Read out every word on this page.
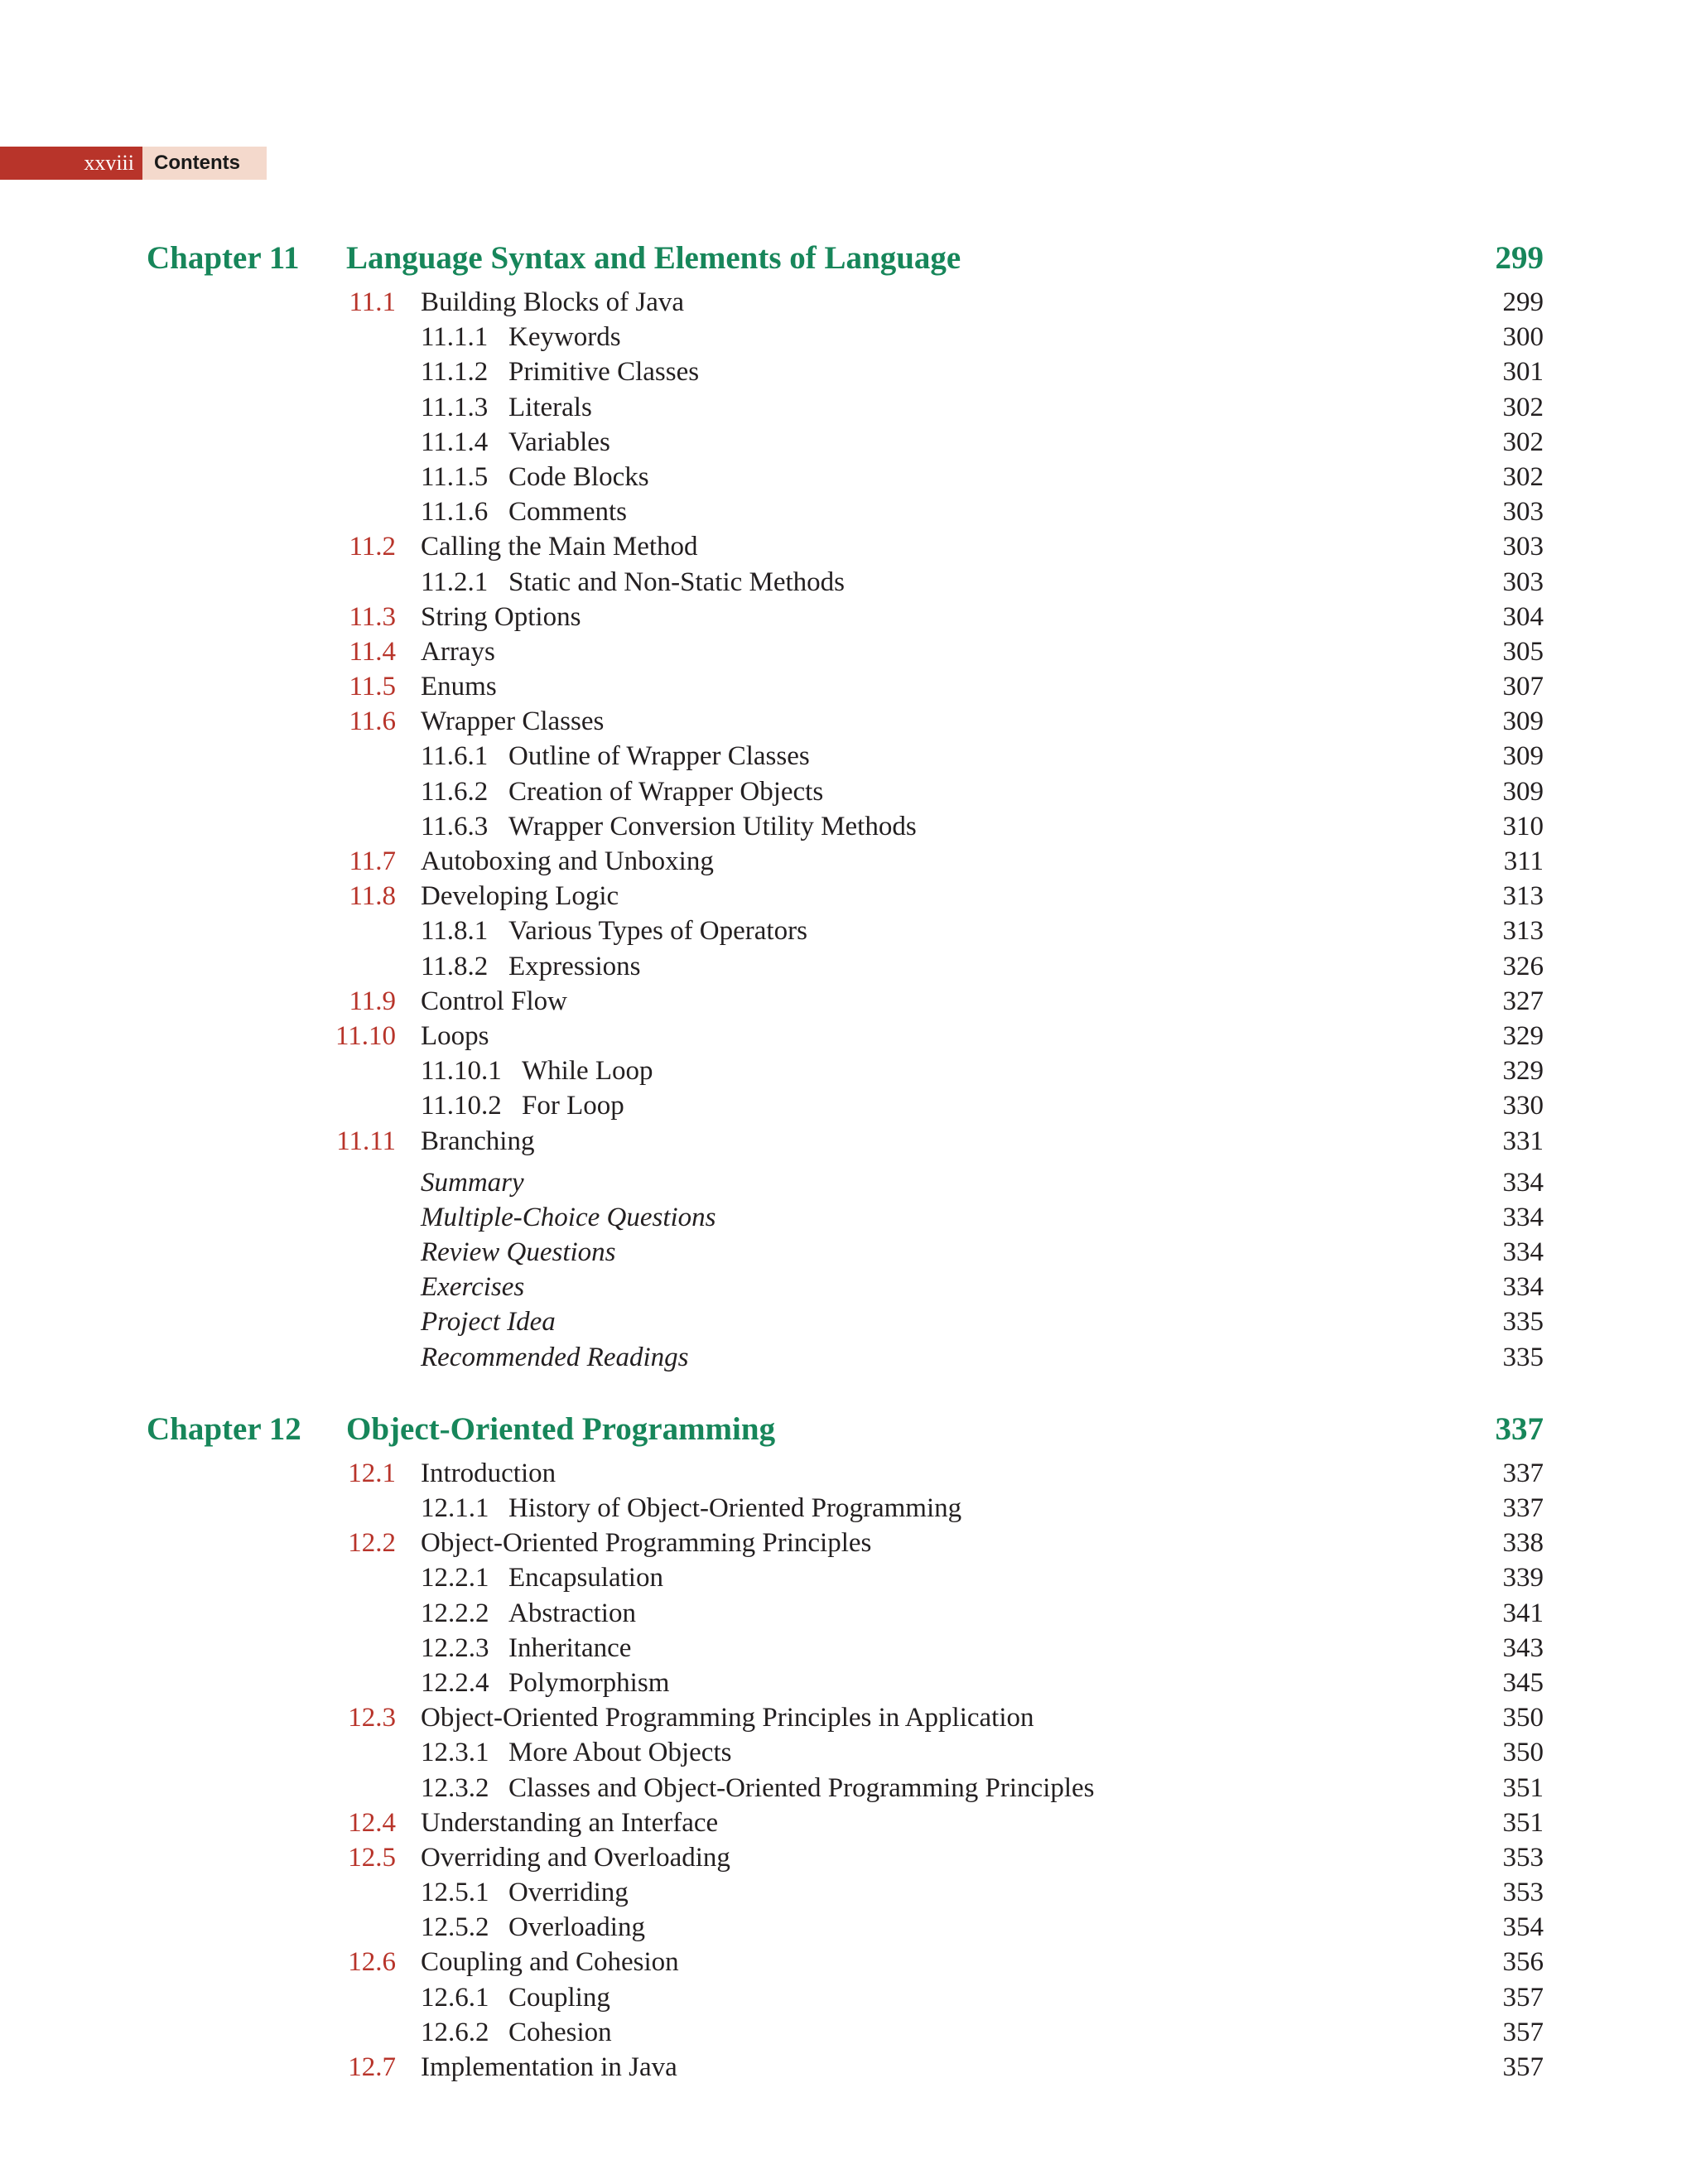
xxviii	Contents
Chapter 11 Language Syntax and Elements of Language	299
11.1 Building Blocks of Java	299
11.1.1 Keywords	300
11.1.2 Primitive Classes	301
11.1.3 Literals	302
11.1.4 Variables	302
11.1.5 Code Blocks	302
11.1.6 Comments	303
11.2 Calling the Main Method	303
11.2.1 Static and Non-Static Methods	303
11.3 String Options	304
11.4 Arrays	305
11.5 Enums	307
11.6 Wrapper Classes	309
11.6.1 Outline of Wrapper Classes	309
11.6.2 Creation of Wrapper Objects	309
11.6.3 Wrapper Conversion Utility Methods	310
11.7 Autoboxing and Unboxing	311
11.8 Developing Logic	313
11.8.1 Various Types of Operators	313
11.8.2 Expressions	326
11.9 Control Flow	327
11.10 Loops	329
11.10.1 While Loop	329
11.10.2 For Loop	330
11.11 Branching	331
Summary	334
Multiple-Choice Questions	334
Review Questions	334
Exercises	334
Project Idea	335
Recommended Readings	335
Chapter 12 Object-Oriented Programming	337
12.1 Introduction	337
12.1.1 History of Object-Oriented Programming	337
12.2 Object-Oriented Programming Principles	338
12.2.1 Encapsulation	339
12.2.2 Abstraction	341
12.2.3 Inheritance	343
12.2.4 Polymorphism	345
12.3 Object-Oriented Programming Principles in Application	350
12.3.1 More About Objects	350
12.3.2 Classes and Object-Oriented Programming Principles	351
12.4 Understanding an Interface	351
12.5 Overriding and Overloading	353
12.5.1 Overriding	353
12.5.2 Overloading	354
12.6 Coupling and Cohesion	356
12.6.1 Coupling	357
12.6.2 Cohesion	357
12.7 Implementation in Java	357
